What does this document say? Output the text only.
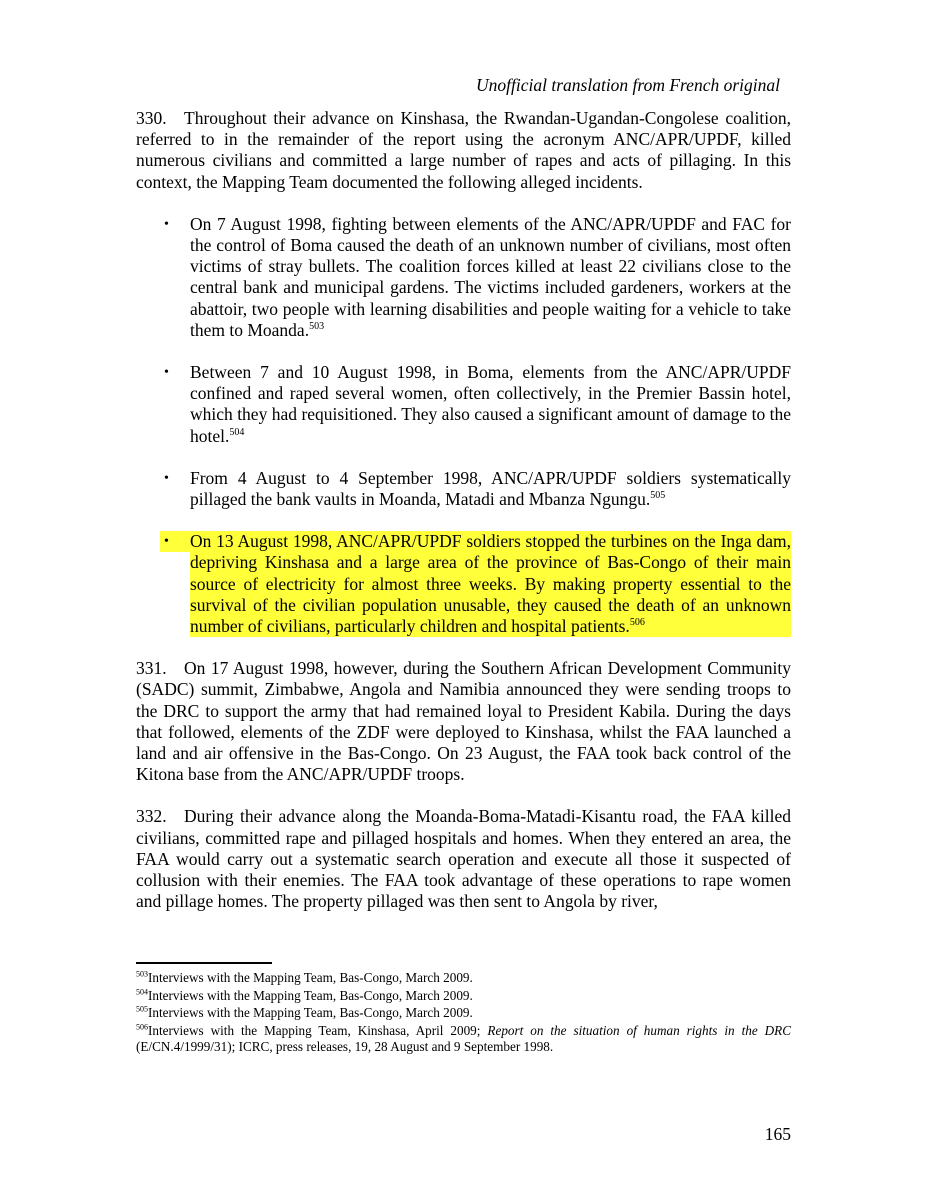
Unofficial translation from French original

330. Throughout their advance on Kinshasa, the Rwandan-Ugandan-Congolese coalition, referred to in the remainder of the report using the acronym ANC/APR/UPDF, killed numerous civilians and committed a large number of rapes and acts of pillaging. In this context, the Mapping Team documented the following alleged incidents.

• On 7 August 1998, fighting between elements of the ANC/APR/UPDF and FAC for the control of Boma caused the death of an unknown number of civilians, most often victims of stray bullets. The coalition forces killed at least 22 civilians close to the central bank and municipal gardens. The victims included gardeners, workers at the abattoir, two people with learning disabilities and people waiting for a vehicle to take them to Moanda.$^{503}$
• Between 7 and 10 August 1998, in Boma, elements from the ANC/APR/UPDF confined and raped several women, often collectively, in the Premier Bassin hotel, which they had requisitioned. They also caused a significant amount of damage to the hotel.$^{504}$
• From 4 August to 4 September 1998, ANC/APR/UPDF soldiers systematically pillaged the bank vaults in Moanda, Matadi and Mbanza Ngungu.$^{505}$
• On 13 August 1998, ANC/APR/UPDF soldiers stopped the turbines on the Inga dam, depriving Kinshasa and a large area of the province of Bas-Congo of their main source of electricity for almost three weeks. By making property essential to the survival of the civilian population unusable, they caused the death of an unknown number of civilians, particularly children and hospital patients.$^{506}$

331. On 17 August 1998, however, during the Southern African Development Community (SADC) summit, Zimbabwe, Angola and Namibia announced they were sending troops to the DRC to support the army that had remained loyal to President Kabila. During the days that followed, elements of the ZDF were deployed to Kinshasa, whilst the FAA launched a land and air offensive in the Bas-Congo. On 23 August, the FAA took back control of the Kitona base from the ANC/APR/UPDF troops.

332. During their advance along the Moanda-Boma-Matadi-Kisantu road, the FAA killed civilians, committed rape and pillaged hospitals and homes. When they entered an area, the FAA would carry out a systematic search operation and execute all those it suspected of collusion with their enemies. The FAA took advantage of these operations to rape women and pillage homes. The property pillaged was then sent to Angola by river,

$^{503}$Interviews with the Mapping Team, Bas-Congo, March 2009.
$^{504}$Interviews with the Mapping Team, Bas-Congo, March 2009.
$^{505}$Interviews with the Mapping Team, Bas-Congo, March 2009.
$^{506}$Interviews with the Mapping Team, Kinshasa, April 2009; Report on the situation of human rights in the DRC (E/CN.4/1999/31); ICRC, press releases, 19, 28 August and 9 September 1998.
165
